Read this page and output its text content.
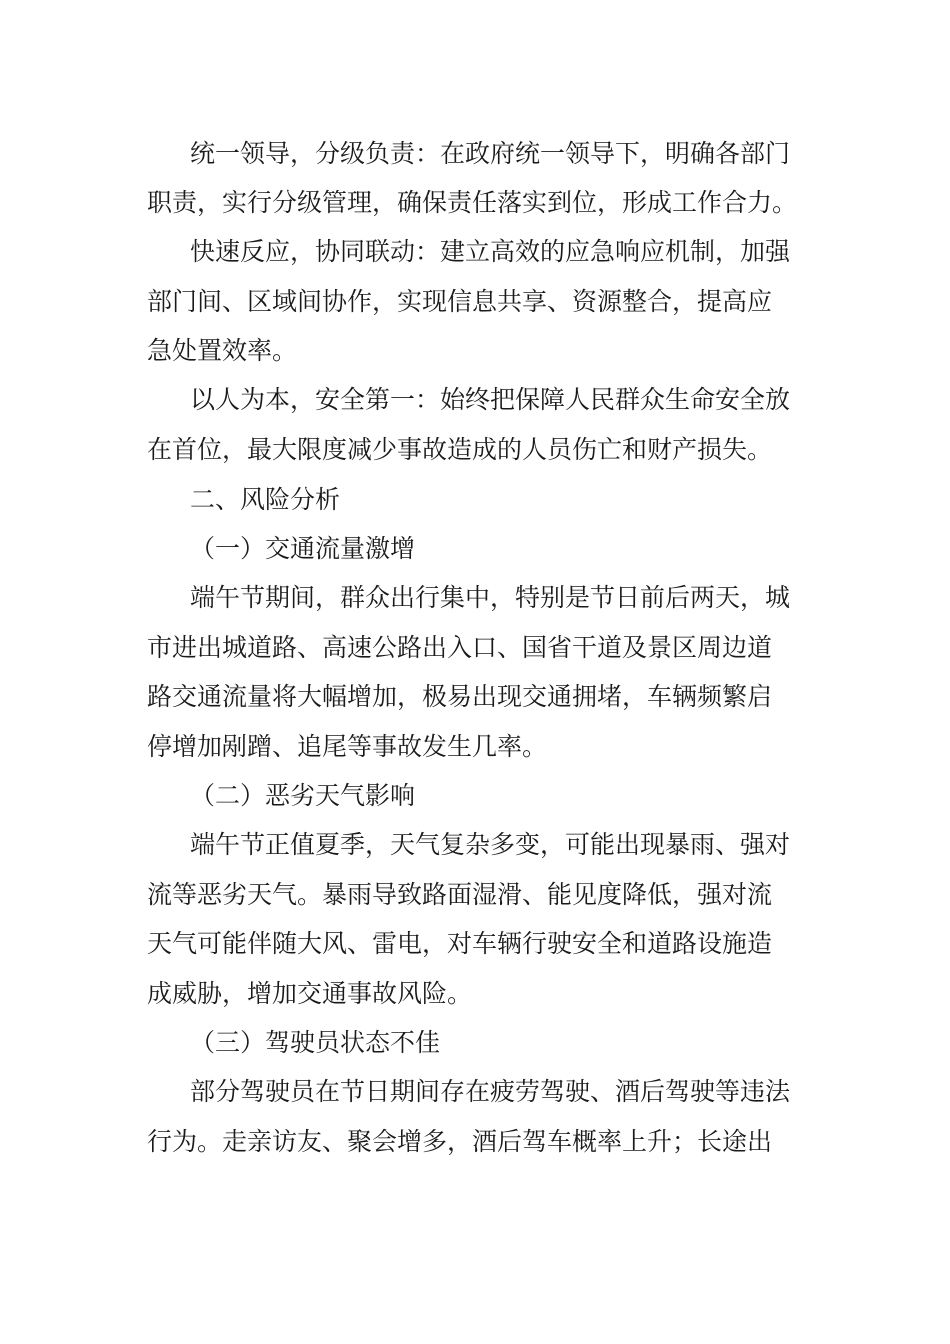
统一领导，分级负责：在政府统一领导下，明确各部门
职责，实行分级管理，确保责任落实到位，形成工作合力。
快速反应，协同联动：建立高效的应急响应机制，加强
部门间、区域间协作，实现信息共享、资源整合，提高应
急处置效率。
以人为本，安全第一：始终把保障人民群众生命安全放
在首位，最大限度减少事故造成的人员伤亡和财产损失。
二、风险分析
（一）交通流量激增
端午节期间，群众出行集中，特别是节日前后两天，城
市进出城道路、高速公路出入口、国省干道及景区周边道
路交通流量将大幅增加，极易出现交通拥堵，车辆频繁启
停增加剐蹭、追尾等事故发生几率。
（二）恶劣天气影响
端午节正值夏季，天气复杂多变，可能出现暴雨、强对
流等恶劣天气。暴雨导致路面湿滑、能见度降低，强对流
天气可能伴随大风、雷电，对车辆行驶安全和道路设施造
成威胁，增加交通事故风险。
（三）驾驶员状态不佳
部分驾驶员在节日期间存在疲劳驾驶、酒后驾驶等违法
行为。走亲访友、聚会增多，酒后驾车概率上升；长途出
